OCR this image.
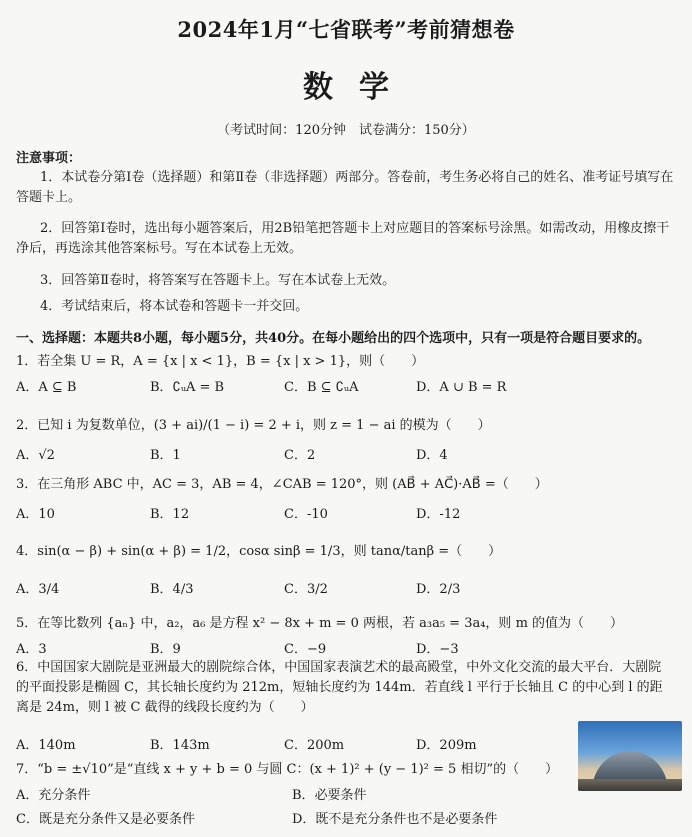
2024年1月“七省联考”考前猜想卷
数学
（考试时间：120分钟　试卷满分：150分）
注意事项：
1．本试卷分第Ⅰ卷（选择题）和第Ⅱ卷（非选择题）两部分。答卷前，考生务必将自己的姓名、准考证号填写在答题卡上。
2．回答第Ⅰ卷时，选出每小题答案后，用2B铅笔把答题卡上对应题目的答案标号涂黑。如需改动，用橡皮擦干净后，再选涂其他答案标号。写在本试卷上无效。
3．回答第Ⅱ卷时，将答案写在答题卡上。写在本试卷上无效。
4．考试结束后，将本试卷和答题卡一并交回。
一、选择题：本题共8小题，每小题5分，共40分。在每小题给出的四个选项中，只有一项是符合题目要求的。
1．若全集 U = R，A = {x | x < 1}，B = {x | x > 1}，则（　　）
A．A ⊆ B	B．∁ᵤA = B	C．B ⊆ ∁ᵤA	D．A ∪ B = R
2．已知 i 为复数单位，(3 + ai)/(1 − i) = 2 + i，则 z = 1 − ai 的模为（　　）
A．√2	B．1	C．2	D．4
3．在三角形 ABC 中，AC = 3，AB = 4，∠CAB = 120°，则 (AB⃗ + AC⃗)·AB⃗ =（　　）
A．10	B．12	C．-10	D．-12
4．sin(α − β) + sin(α + β) = 1/2，cosα sinβ = 1/3，则 tanα/tanβ =（　　）
A．3/4	B．4/3	C．3/2	D．2/3
5．在等比数列 {aₙ} 中，a₂，a₆ 是方程 x² − 8x + m = 0 两根，若 a₃a₅ = 3a₄，则 m 的值为（　　）
A．3	B．9	C．−9	D．−3
6．中国国家大剧院是亚洲最大的剧院综合体，中国国家表演艺术的最高殿堂，中外文化交流的最大平台．大剧院的平面投影是椭圆 C，其长轴长度约为 212m，短轴长度约为 144m．若直线 l 平行于长轴且 C 的中心到 l 的距离是 24m，则 l 被 C 截得的线段长度约为（　　）
A．140m	B．143m	C．200m	D．209m
7．“b = ±√10”是“直线 x + y + b = 0 与圆 C：(x + 1)² + (y − 1)² = 5 相切”的（　　）
A．充分条件	B．必要条件
C．既是充分条件又是必要条件	D．既不是充分条件也不是必要条件
